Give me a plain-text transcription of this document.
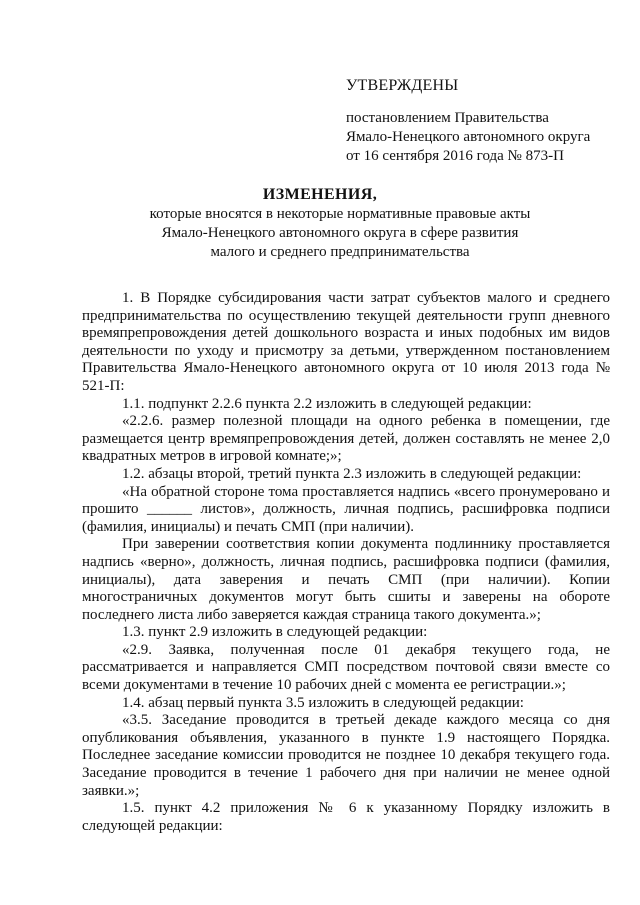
УТВЕРЖДЕНЫ
постановлением Правительства
Ямало-Ненецкого автономного округа
от 16 сентября 2016 года № 873-П
ИЗМЕНЕНИЯ,
которые вносятся в некоторые нормативные правовые акты
Ямало-Ненецкого автономного округа в сфере развития
малого и среднего предпринимательства

1. В Порядке субсидирования части затрат субъектов малого и среднего предпринимательства по осуществлению текущей деятельности групп дневного времяпрепровождения детей дошкольного возраста и иных подобных им видов деятельности по уходу и присмотру за детьми, утвержденном постановлением Правительства Ямало-Ненецкого автономного округа от 10 июля 2013 года № 521-П:

1.1. подпункт 2.2.6 пункта 2.2 изложить в следующей редакции:

«2.2.6. размер полезной площади на одного ребенка в помещении, где размещается центр времяпрепровождения детей, должен составлять не менее 2,0 квадратных метров в игровой комнате;»;

1.2. абзацы второй, третий пункта 2.3 изложить в следующей редакции:

«На обратной стороне тома проставляется надпись «всего пронумеровано и прошито ______ листов», должность, личная подпись, расшифровка подписи (фамилия, инициалы) и печать СМП (при наличии).

При заверении соответствия копии документа подлиннику проставляется надпись «верно», должность, личная подпись, расшифровка подписи (фамилия, инициалы), дата заверения и печать СМП (при наличии). Копии многостраничных документов могут быть сшиты и заверены на обороте последнего листа либо заверяется каждая страница такого документа.»;

1.3. пункт 2.9 изложить в следующей редакции:

«2.9. Заявка, полученная после 01 декабря текущего года, не рассматривается и направляется СМП посредством почтовой связи вместе со всеми документами в течение 10 рабочих дней с момента ее регистрации.»;

1.4. абзац первый пункта 3.5 изложить в следующей редакции:

«3.5. Заседание проводится в третьей декаде каждого месяца со дня опубликования объявления, указанного в пункте 1.9 настоящего Порядка. Последнее заседание комиссии проводится не позднее 10 декабря текущего года. Заседание проводится в течение 1 рабочего дня при наличии не менее одной заявки.»;

1.5. пункт 4.2 приложения № 6 к указанному Порядку изложить в следующей редакции:
